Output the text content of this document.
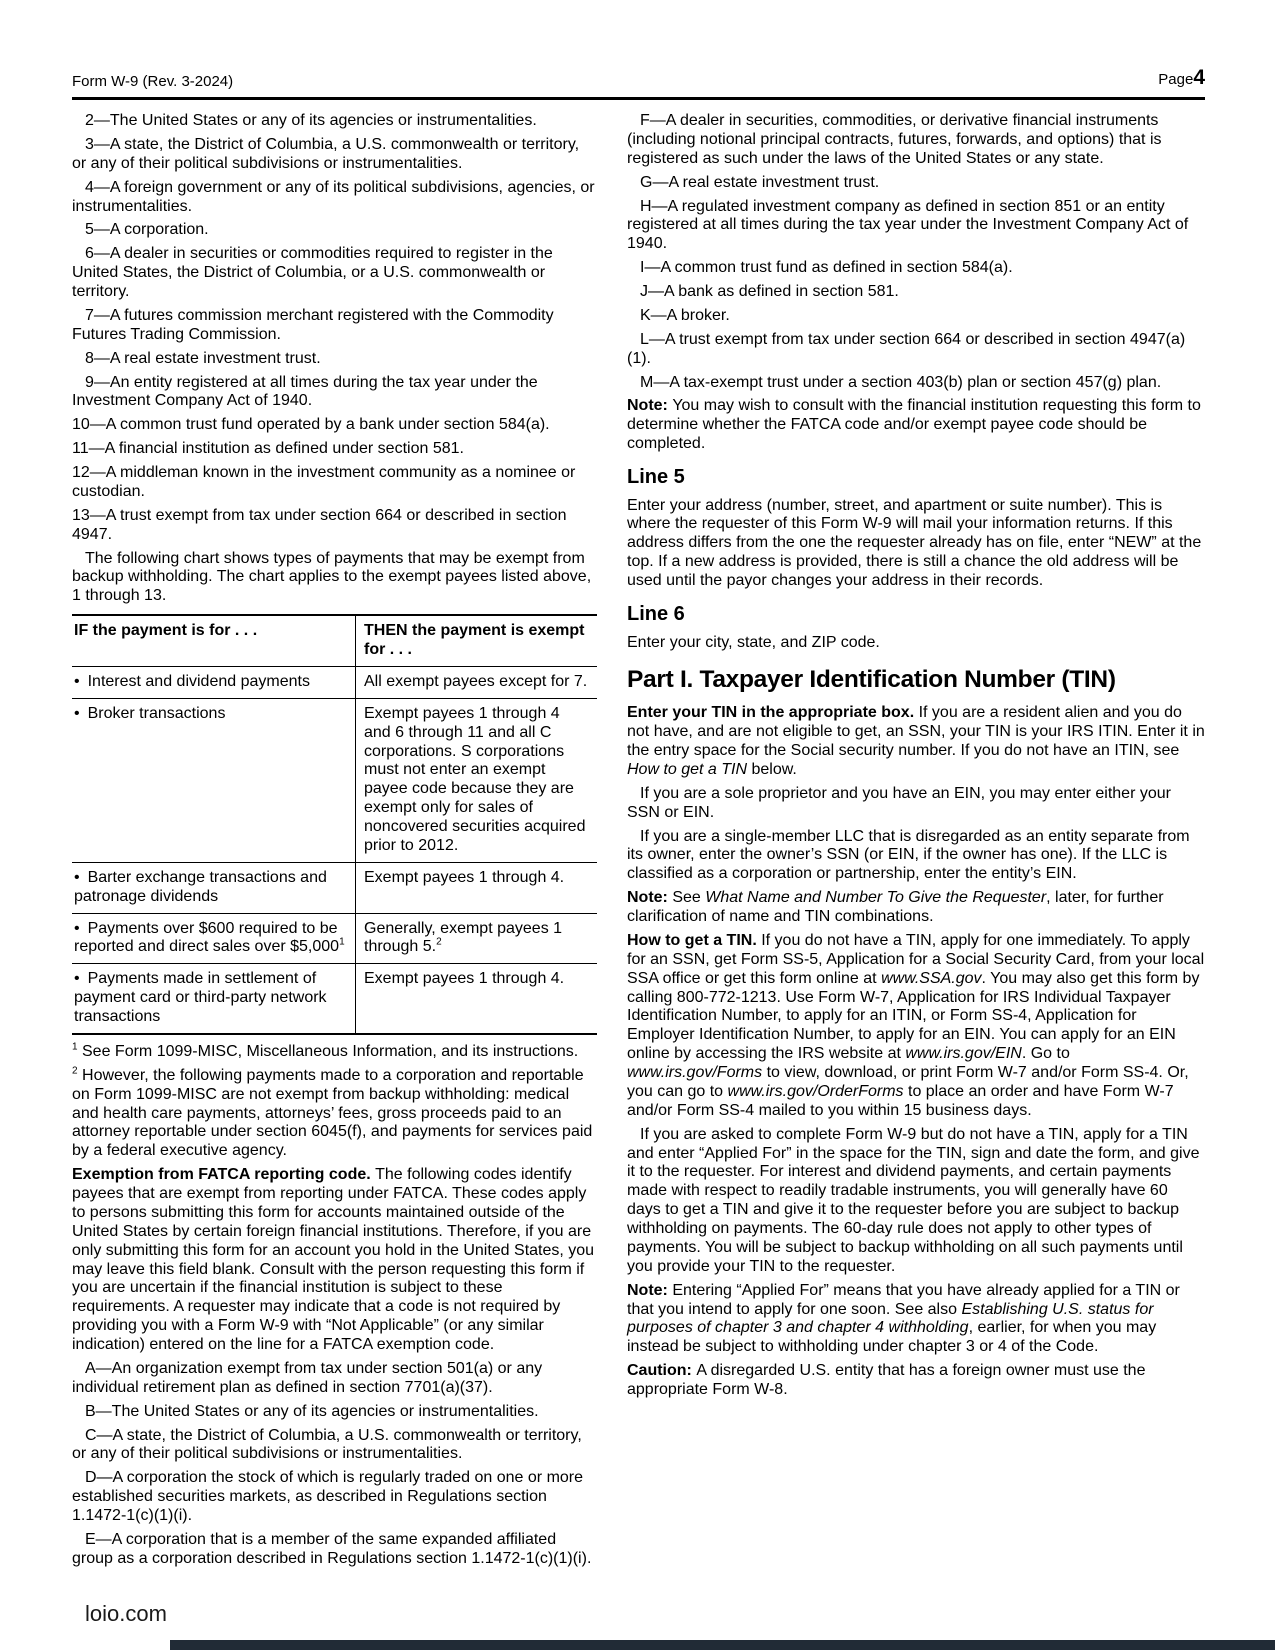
Form W-9 (Rev. 3-2024)	Page4
2—The United States or any of its agencies or instrumentalities.
3—A state, the District of Columbia, a U.S. commonwealth or territory, or any of their political subdivisions or instrumentalities.
4—A foreign government or any of its political subdivisions, agencies, or instrumentalities.
5—A corporation.
6—A dealer in securities or commodities required to register in the United States, the District of Columbia, or a U.S. commonwealth or territory.
7—A futures commission merchant registered with the Commodity Futures Trading Commission.
8—A real estate investment trust.
9—An entity registered at all times during the tax year under the Investment Company Act of 1940.
10—A common trust fund operated by a bank under section 584(a).
11—A financial institution as defined under section 581.
12—A middleman known in the investment community as a nominee or custodian.
13—A trust exempt from tax under section 664 or described in section 4947.
The following chart shows types of payments that may be exempt from backup withholding. The chart applies to the exempt payees listed above, 1 through 13.
IF the payment is for . . .	THEN the payment is exempt for . . .
• Interest and dividend payments	All exempt payees except for 7.
• Broker transactions	Exempt payees 1 through 4 and 6 through 11 and all C corporations. S corporations must not enter an exempt payee code because they are exempt only for sales of noncovered securities acquired prior to 2012.
• Barter exchange transactions and patronage dividends	Exempt payees 1 through 4.
• Payments over $600 required to be reported and direct sales over $5,000$^1$	Generally, exempt payees 1 through 5.$^2$
• Payments made in settlement of payment card or third-party network transactions	Exempt payees 1 through 4.
$^1$ See Form 1099-MISC, Miscellaneous Information, and its instructions.
$^2$ However, the following payments made to a corporation and reportable on Form 1099-MISC are not exempt from backup withholding: medical and health care payments, attorneys’ fees, gross proceeds paid to an attorney reportable under section 6045(f), and payments for services paid by a federal executive agency.
Exemption from FATCA reporting code. The following codes identify payees that are exempt from reporting under FATCA. These codes apply to persons submitting this form for accounts maintained outside of the United States by certain foreign financial institutions. Therefore, if you are only submitting this form for an account you hold in the United States, you may leave this field blank. Consult with the person requesting this form if you are uncertain if the financial institution is subject to these requirements. A requester may indicate that a code is not required by providing you with a Form W-9 with “Not Applicable” (or any similar indication) entered on the line for a FATCA exemption code.
A—An organization exempt from tax under section 501(a) or any individual retirement plan as defined in section 7701(a)(37).
B—The United States or any of its agencies or instrumentalities.
C—A state, the District of Columbia, a U.S. commonwealth or territory, or any of their political subdivisions or instrumentalities.
D—A corporation the stock of which is regularly traded on one or more established securities markets, as described in Regulations section 1.1472-1(c)(1)(i).
E—A corporation that is a member of the same expanded affiliated group as a corporation described in Regulations section 1.1472-1(c)(1)(i).
F—A dealer in securities, commodities, or derivative financial instruments (including notional principal contracts, futures, forwards, and options) that is registered as such under the laws of the United States or any state.
G—A real estate investment trust.
H—A regulated investment company as defined in section 851 or an entity registered at all times during the tax year under the Investment Company Act of 1940.
I—A common trust fund as defined in section 584(a).
J—A bank as defined in section 581.
K—A broker.
L—A trust exempt from tax under section 664 or described in section 4947(a)(1).
M—A tax-exempt trust under a section 403(b) plan or section 457(g) plan.
Note: You may wish to consult with the financial institution requesting this form to determine whether the FATCA code and/or exempt payee code should be completed.
Line 5
Enter your address (number, street, and apartment or suite number). This is where the requester of this Form W-9 will mail your information returns. If this address differs from the one the requester already has on file, enter “NEW” at the top. If a new address is provided, there is still a chance the old address will be used until the payor changes your address in their records.
Line 6
Enter your city, state, and ZIP code.
Part I. Taxpayer Identification Number (TIN)
Enter your TIN in the appropriate box. If you are a resident alien and you do not have, and are not eligible to get, an SSN, your TIN is your IRS ITIN. Enter it in the entry space for the Social security number. If you do not have an ITIN, see How to get a TIN below.
If you are a sole proprietor and you have an EIN, you may enter either your SSN or EIN.
If you are a single-member LLC that is disregarded as an entity separate from its owner, enter the owner’s SSN (or EIN, if the owner has one). If the LLC is classified as a corporation or partnership, enter the entity’s EIN.
Note: See What Name and Number To Give the Requester, later, for further clarification of name and TIN combinations.
How to get a TIN. If you do not have a TIN, apply for one immediately. To apply for an SSN, get Form SS-5, Application for a Social Security Card, from your local SSA office or get this form online at www.SSA.gov. You may also get this form by calling 800-772-1213. Use Form W-7, Application for IRS Individual Taxpayer Identification Number, to apply for an ITIN, or Form SS-4, Application for Employer Identification Number, to apply for an EIN. You can apply for an EIN online by accessing the IRS website at www.irs.gov/EIN. Go to www.irs.gov/Forms to view, download, or print Form W-7 and/or Form SS-4. Or, you can go to www.irs.gov/OrderForms to place an order and have Form W-7 and/or Form SS-4 mailed to you within 15 business days.
If you are asked to complete Form W-9 but do not have a TIN, apply for a TIN and enter “Applied For” in the space for the TIN, sign and date the form, and give it to the requester. For interest and dividend payments, and certain payments made with respect to readily tradable instruments, you will generally have 60 days to get a TIN and give it to the requester before you are subject to backup withholding on payments. The 60-day rule does not apply to other types of payments. You will be subject to backup withholding on all such payments until you provide your TIN to the requester.
Note: Entering “Applied For” means that you have already applied for a TIN or that you intend to apply for one soon. See also Establishing U.S. status for purposes of chapter 3 and chapter 4 withholding, earlier, for when you may instead be subject to withholding under chapter 3 or 4 of the Code.
Caution: A disregarded U.S. entity that has a foreign owner must use the appropriate Form W-8.
loio.com
